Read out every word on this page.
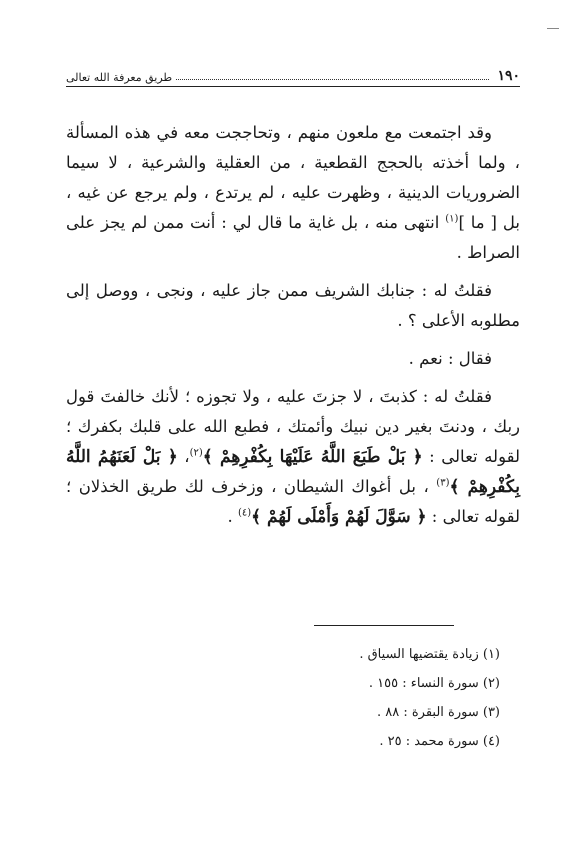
١٩٠
طريق معرفة الله تعالى

وقد اجتمعت مع ملعون منهم ، وتحاججت معه في هذه المسألة ، ولما أخذته بالحجج القطعية ، من العقلية والشرعية ، لا سيما الضروريات الدينية ، وظهرت عليه ، لم يرتدع ، ولم يرجع عن غيه ، بل [ ما ]$^{(١)}$ انتهى منه ، بل غاية ما قال لي : أنت ممن لم يجز على الصراط .

فقلتُ له : جنابك الشريف ممن جاز عليه ، ونجى ، ووصل إلى مطلوبه الأعلى ؟ .

فقال : نعم .

فقلتُ له : كذبتَ ، لا جزتَ عليه ، ولا تجوزه ؛ لأنك خالفتَ قول ربك ، ودنتَ بغير دين نبيك وأئمتك ، فطبع الله على قلبك بكفرك ؛ لقوله تعالى : ﴿ بَلْ طَبَعَ اللَّهُ عَلَيْهَا بِكُفْرِهِمْ ﴾$^{(٢)}$، ﴿ بَلْ لَعَنَهُمُ اللَّهُ بِكُفْرِهِمْ ﴾$^{(٣)}$ ، بل أغواك الشيطان ، وزخرف لك طريق الخذلان ؛ لقوله تعالى : ﴿ سَوَّلَ لَهُمْ وَأَمْلَى لَهُمْ ﴾$^{(٤)}$ .

(١) زيادة يقتضيها السياق .
(٢) سورة النساء : ١٥٥ .
(٣) سورة البقرة : ٨٨ .
(٤) سورة محمد : ٢٥ .
